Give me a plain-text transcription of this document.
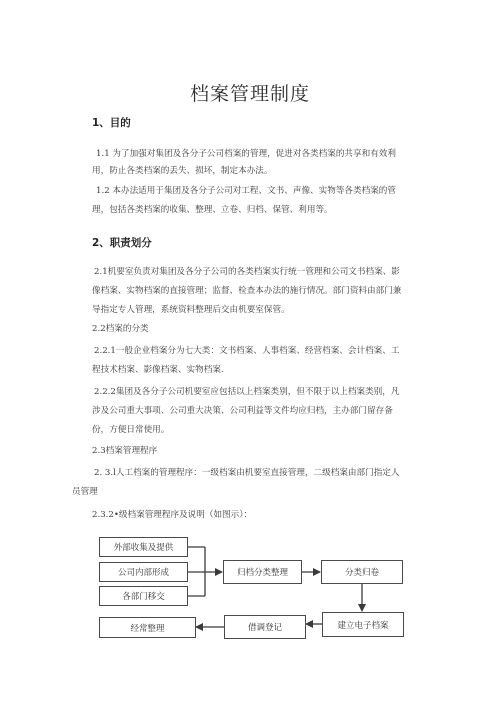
档案管理制度
1、目的
1.1 为了加强对集团及各分子公司档案的管理，促进对各类档案的共享和有效利
用，防止各类档案的丢失、损坏，制定本办法。
1.2 本办法适用于集团及各分子公司对工程、文书、声像、实物等各类档案的管
理，包括各类档案的收集、整理、立卷、归档、保管、利用等。
2、职责划分
2.1机要室负责对集团及各分子公司的各类档案实行统一管理和公司文书档案、影
像档案、实物档案的直接管理；监督、检查本办法的施行情况。部门资料由部门兼
导指定专人管理，系统资料整理后交由机要室保管。
2.2档案的分类
2.2.1一般企业档案分为七大类：文书档案、人事档案、经营档案、会计档案、工
程技术档案、影像档案、实物档案.
2.2.2集团及各分子公司机要室应包括以上档案类别，但不限于以上档案类别，凡
涉及公司重大事项、公司重大决策、公司利益等文件均应归档，主办部门留存备
份，方便日常使用。
2.3档案管理程序
2. 3.l人工档案的管理程序：一级档案由机要室直接管理，二级档案由部门指定人
员管理
2.3.2•级档案管理程序及说明（如图示）：
外部收集及提供
公司内部形成
各部门移交
归档分类整理	分类归卷
建立电子档案
借调登记
经常整理
